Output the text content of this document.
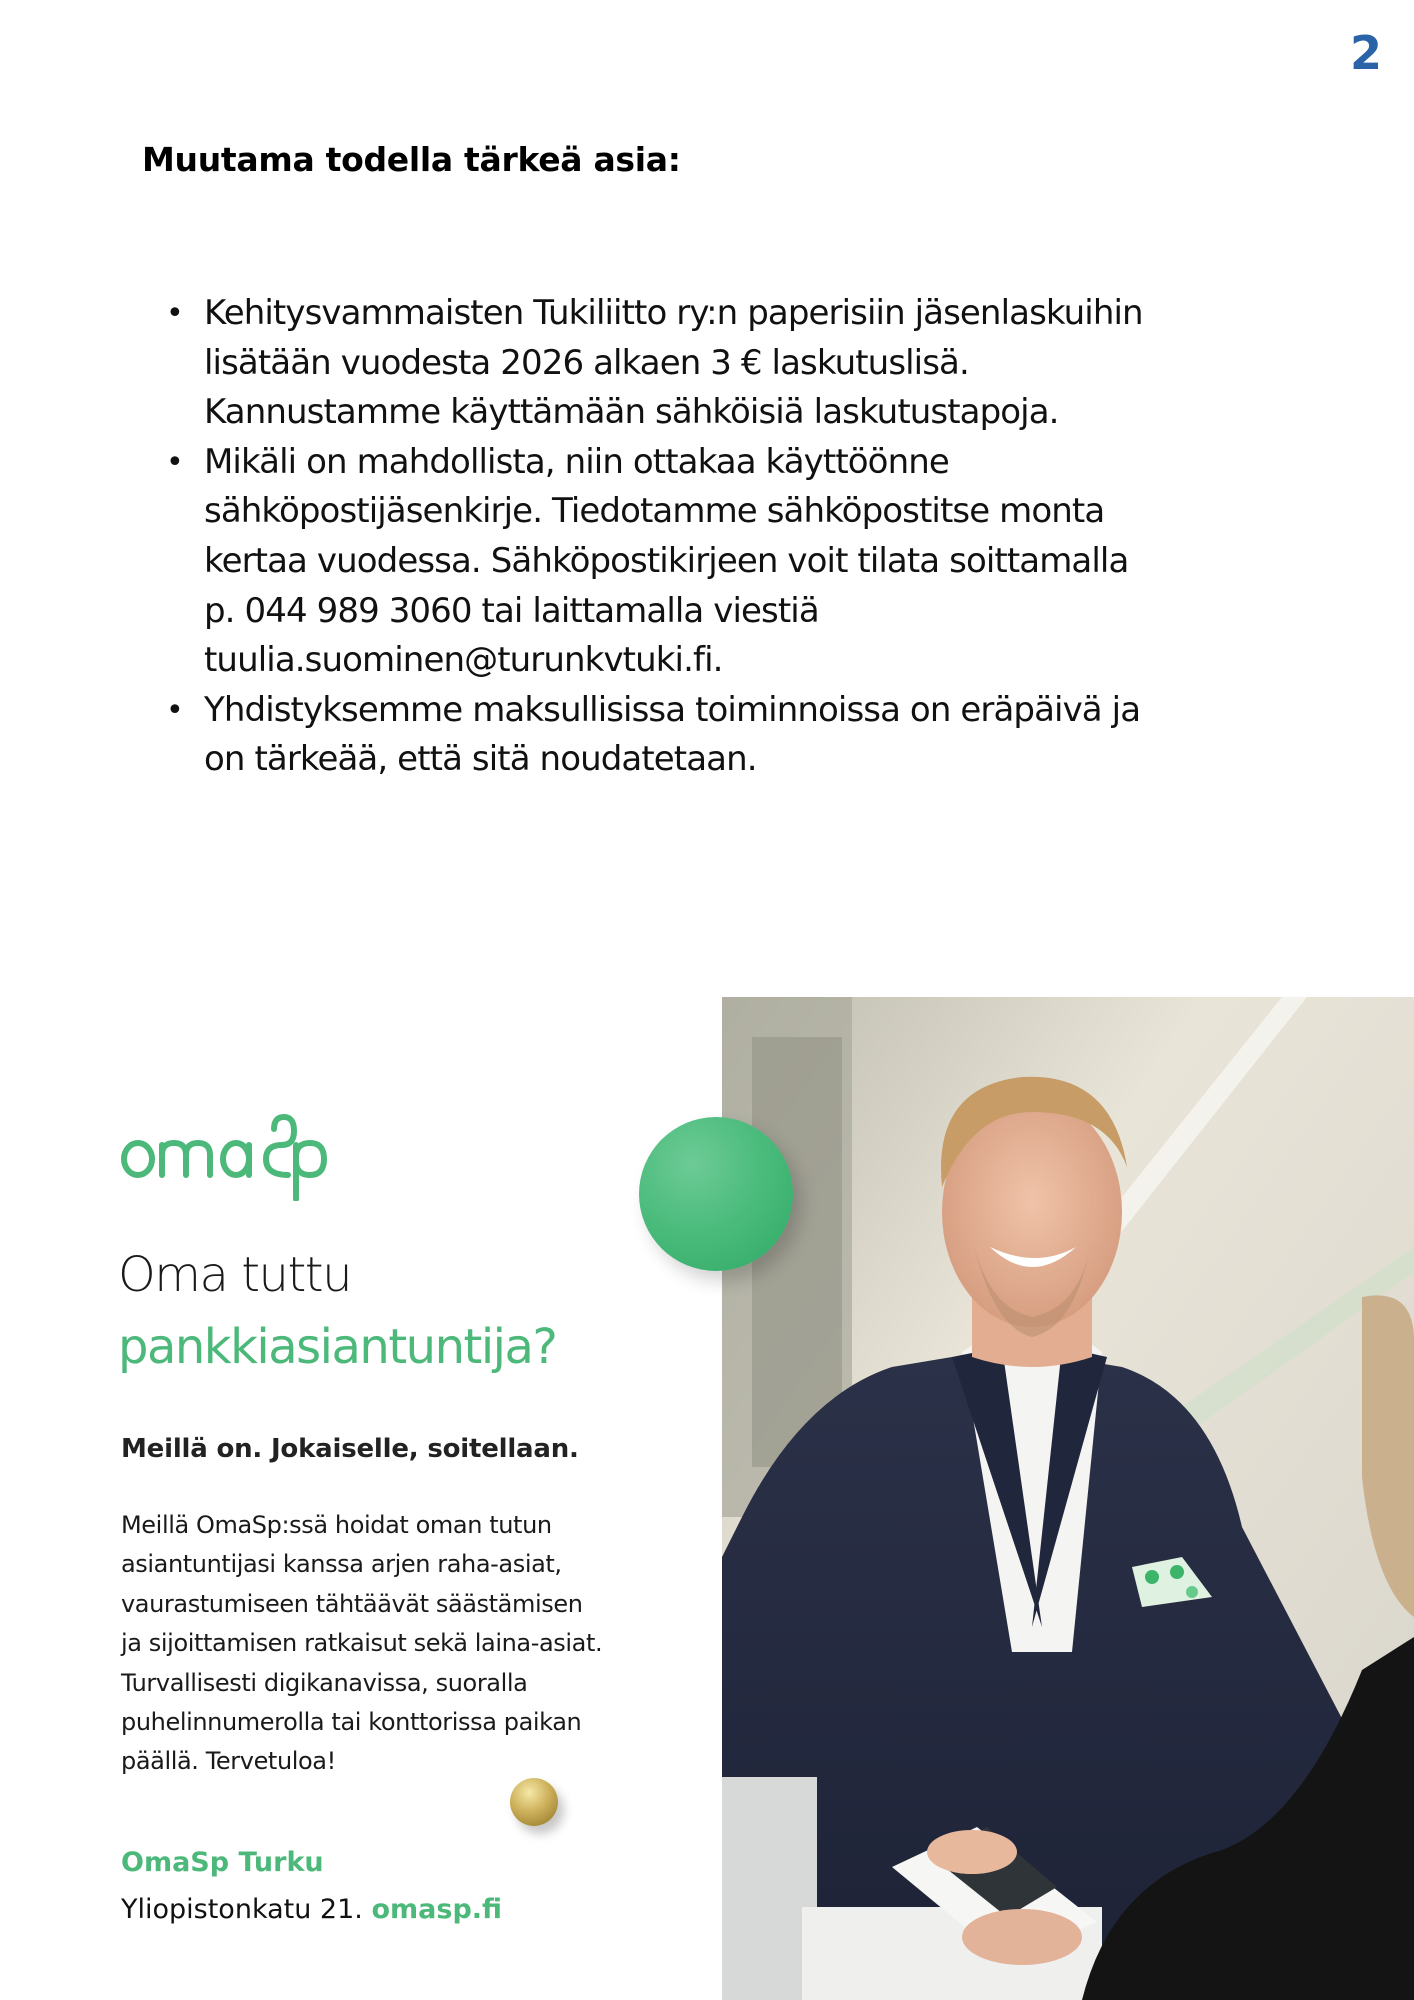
2
Muutama todella tärkeä asia:
• Kehitysvammaisten Tukiliitto ry:n paperisiin jäsenlaskuihin
lisätään vuodesta 2026 alkaen 3 € laskutuslisä.
Kannustamme käyttämään sähköisiä laskutustapoja.
• Mikäli on mahdollista, niin ottakaa käyttöönne
sähköpostijäsenkirje. Tiedotamme sähköpostitse monta
kertaa vuodessa. Sähköpostikirjeen voit tilata soittamalla
p. 044 989 3060 tai laittamalla viestiä
tuulia.suominen@turunkvtuki.fi.
• Yhdistyksemme maksullisissa toiminnoissa on eräpäivä ja
on tärkeää, että sitä noudatetaan.
Oma tuttu
pankkiasiantuntija?
Meillä on. Jokaiselle, soitellaan.
Meillä OmaSp:ssä hoidat oman tutun
asiantuntijasi kanssa arjen raha-asiat,
vaurastumiseen tähtäävät säästämisen
ja sijoittamisen ratkaisut sekä laina-asiat.
Turvallisesti digikanavissa, suoralla
puhelinnumerolla tai konttorissa paikan
päällä. Tervetuloa!
OmaSp Turku
Yliopistonkatu 21. omasp.fi
